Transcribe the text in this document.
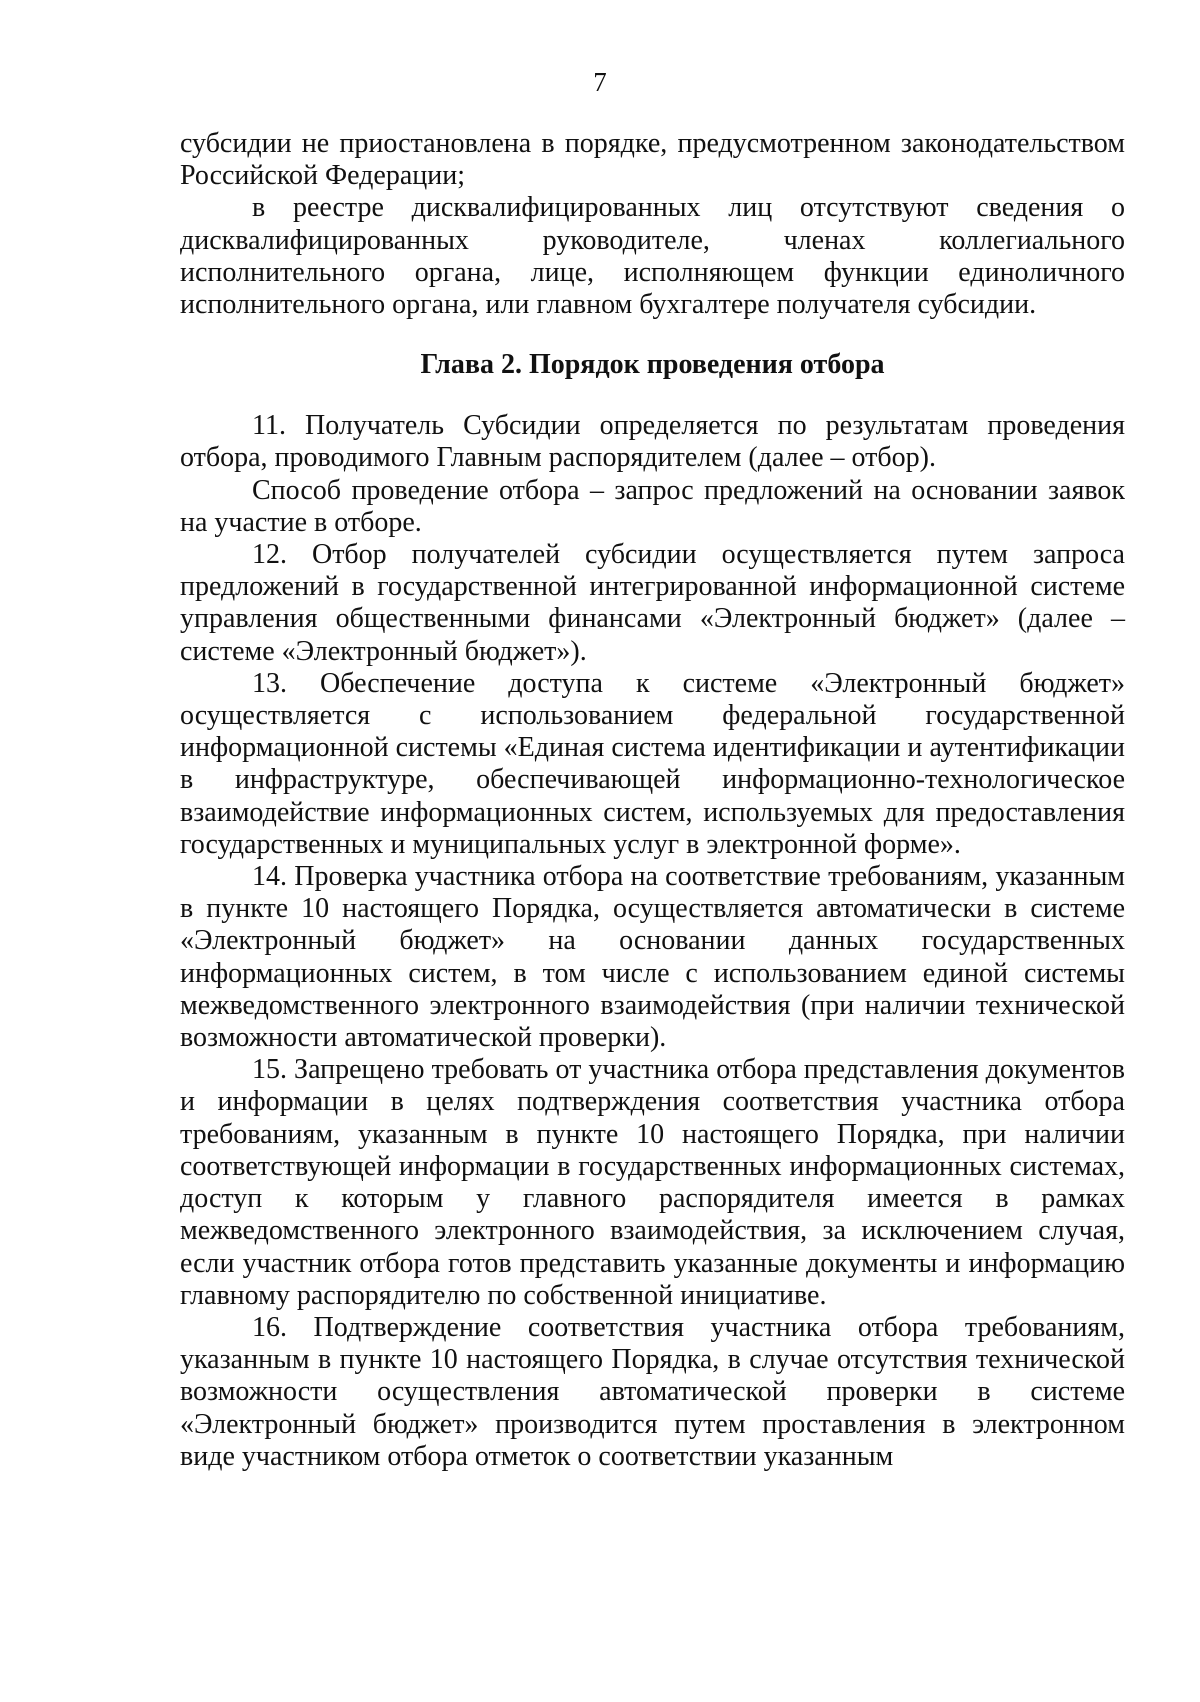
7

субсидии не приостановлена в порядке, предусмотренном законодательством Российской Федерации;

в реестре дисквалифицированных лиц отсутствуют сведения о дисквалифицированных руководителе, членах коллегиального исполнительного органа, лице, исполняющем функции единоличного исполнительного органа, или главном бухгалтере получателя субсидии.

Глава 2. Порядок проведения отбора

11. Получатель Субсидии определяется по результатам проведения отбора, проводимого Главным распорядителем (далее – отбор).

Способ проведение отбора – запрос предложений на основании заявок на участие в отборе.

12. Отбор получателей субсидии осуществляется путем запроса предложений в государственной интегрированной информационной системе управления общественными финансами «Электронный бюджет» (далее – системе «Электронный бюджет»).

13. Обеспечение доступа к системе «Электронный бюджет» осуществляется с использованием федеральной государственной информационной системы «Единая система идентификации и аутентификации в инфраструктуре, обеспечивающей информационно-технологическое взаимодействие информационных систем, используемых для предоставления государственных и муниципальных услуг в электронной форме».

14. Проверка участника отбора на соответствие требованиям, указанным в пункте 10 настоящего Порядка, осуществляется автоматически в системе «Электронный бюджет» на основании данных государственных информационных систем, в том числе с использованием единой системы межведомственного электронного взаимодействия (при наличии технической возможности автоматической проверки).

15. Запрещено требовать от участника отбора представления документов и информации в целях подтверждения соответствия участника отбора требованиям, указанным в пункте 10 настоящего Порядка, при наличии соответствующей информации в государственных информационных системах, доступ к которым у главного распорядителя имеется в рамках межведомственного электронного взаимодействия, за исключением случая, если участник отбора готов представить указанные документы и информацию главному распорядителю по собственной инициативе.

16. Подтверждение соответствия участника отбора требованиям, указанным в пункте 10 настоящего Порядка, в случае отсутствия технической возможности осуществления автоматической проверки в системе «Электронный бюджет» производится путем проставления в электронном виде участником отбора отметок о соответствии указанным
